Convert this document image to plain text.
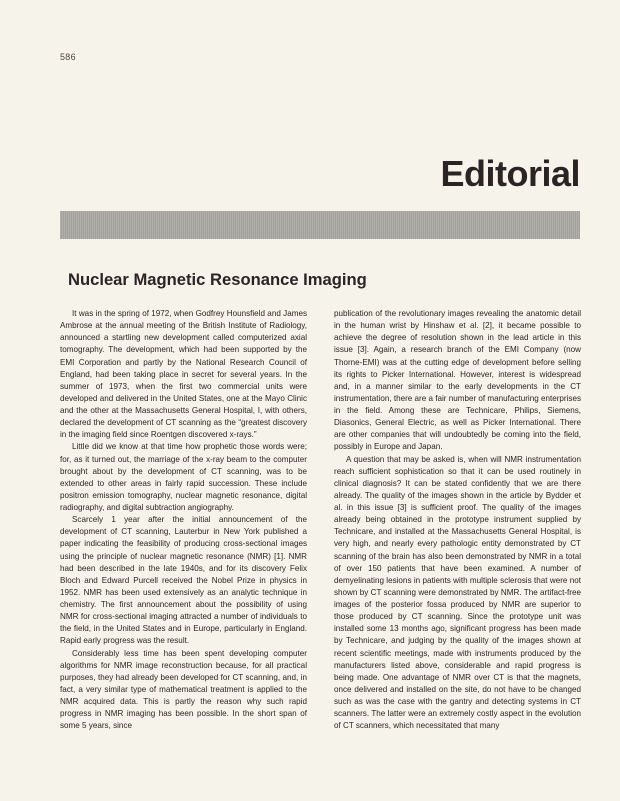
586
Editorial
Nuclear Magnetic Resonance Imaging

It was in the spring of 1972, when Godfrey Hounsfield and James Ambrose at the annual meeting of the British Institute of Radiology, announced a startling new development called computerized axial tomography. The development, which had been supported by the EMI Corporation and partly by the National Research Council of England, had been taking place in secret for several years. In the summer of 1973, when the first two commercial units were developed and delivered in the United States, one at the Mayo Clinic and the other at the Massachusetts General Hospital, I, with others, declared the development of CT scanning as the “greatest discovery in the imaging field since Roentgen discovered x-rays.”

Little did we know at that time how prophetic those words were; for, as it turned out, the marriage of the x-ray beam to the computer brought about by the development of CT scanning, was to be extended to other areas in fairly rapid succession. These include positron emission tomography, nuclear magnetic resonance, digital radiography, and digital subtraction angiography.

Scarcely 1 year after the initial announcement of the development of CT scanning, Lauterbur in New York published a paper indicating the feasibility of producing cross-sectional images using the principle of nuclear magnetic resonance (NMR) [1]. NMR had been described in the late 1940s, and for its discovery Felix Bloch and Edward Purcell received the Nobel Prize in physics in 1952. NMR has been used extensively as an analytic technique in chemistry. The first announcement about the possibility of using NMR for cross-sectional imaging attracted a number of individuals to the field, in the United States and in Europe, particularly in England. Rapid early progress was the result.

Considerably less time has been spent developing computer algorithms for NMR image reconstruction because, for all practical purposes, they had already been developed for CT scanning, and, in fact, a very similar type of mathematical treatment is applied to the NMR acquired data. This is partly the reason why such rapid progress in NMR imaging has been possible. In the short span of some 5 years, since

publication of the revolutionary images revealing the anatomic detail in the human wrist by Hinshaw et al. [2], it became possible to achieve the degree of resolution shown in the lead article in this issue [3]. Again, a research branch of the EMI Company (now Thorne-EMI) was at the cutting edge of development before selling its rights to Picker International. However, interest is widespread and, in a manner similar to the early developments in the CT instrumentation, there are a fair number of manufacturing enterprises in the field. Among these are Technicare, Philips, Siemens, Diasonics, General Electric, as well as Picker International. There are other companies that will undoubtedly be coming into the field, possibly in Europe and Japan.

A question that may be asked is, when will NMR instrumentation reach sufficient sophistication so that it can be used routinely in clinical diagnosis? It can be stated confidently that we are there already. The quality of the images shown in the article by Bydder et al. in this issue [3] is sufficient proof. The quality of the images already being obtained in the prototype instrument supplied by Technicare, and installed at the Massachusetts General Hospital, is very high, and nearly every pathologic entity demonstrated by CT scanning of the brain has also been demonstrated by NMR in a total of over 150 patients that have been examined. A number of demyelinating lesions in patients with multiple sclerosis that were not shown by CT scanning were demonstrated by NMR. The artifact-free images of the posterior fossa produced by NMR are superior to those produced by CT scanning. Since the prototype unit was installed some 13 months ago, significant progress has been made by Technicare, and judging by the quality of the images shown at recent scientific meetings, made with instruments produced by the manufacturers listed above, considerable and rapid progress is being made. One advantage of NMR over CT is that the magnets, once delivered and installed on the site, do not have to be changed such as was the case with the gantry and detecting systems in CT scanners. The latter were an extremely costly aspect in the evolution of CT scanners, which necessitated that many
